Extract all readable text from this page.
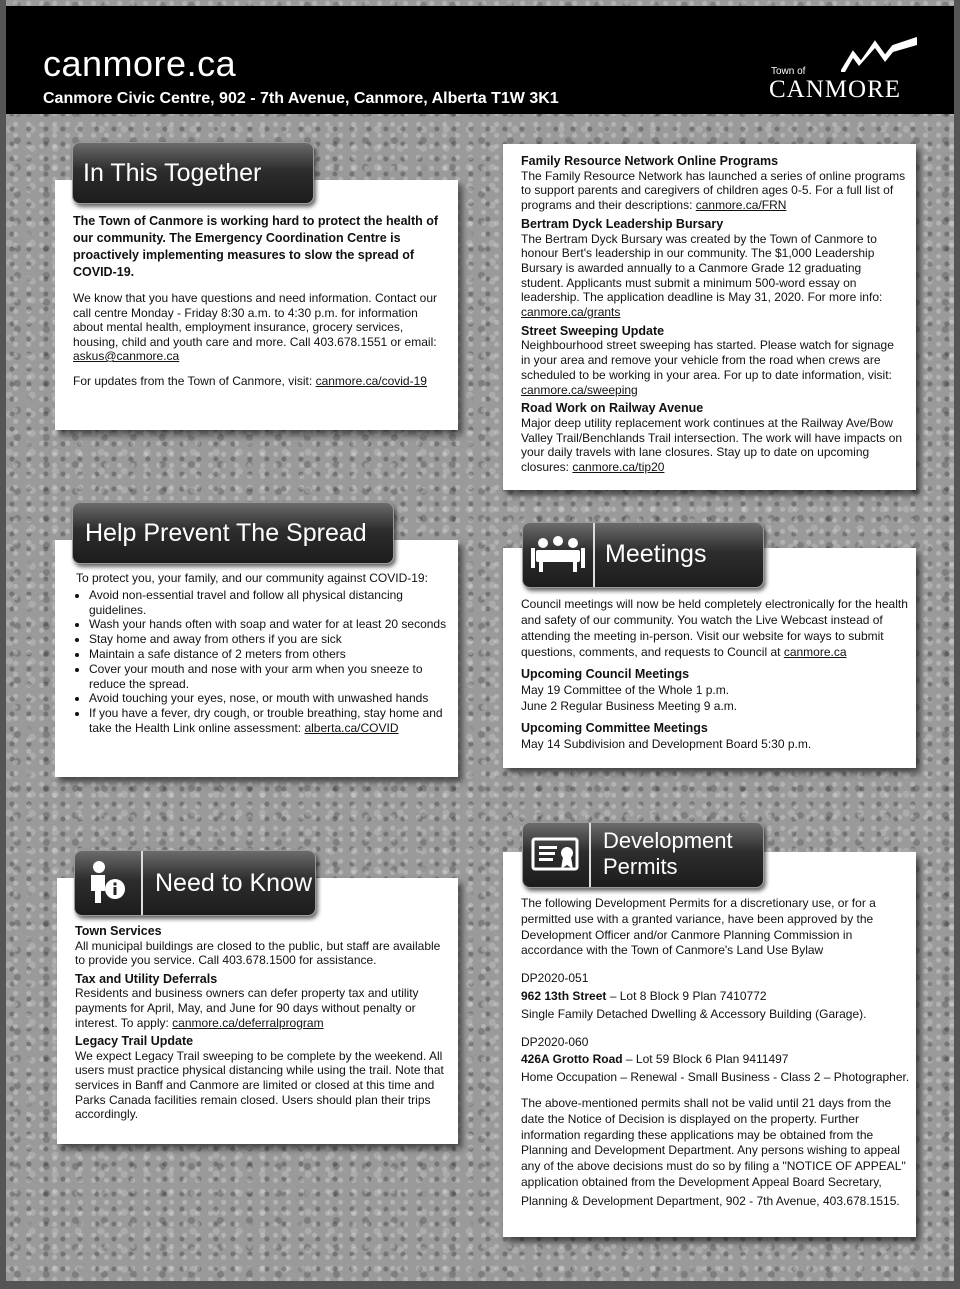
canmore.ca
Canmore Civic Centre, 902 - 7th Avenue, Canmore, Alberta T1W 3K1
Town of
CANMORE

The Town of Canmore is working hard to protect the health of our community. The Emergency Coordination Centre is proactively implementing measures to slow the spread of COVID-19.

We know that you have questions and need information. Contact our call centre Monday - Friday 8:30 a.m. to 4:30 p.m. for information about mental health, employment insurance, grocery services, housing, child and youth care and more. Call 403.678.1551 or email: askus@canmore.ca

For updates from the Town of Canmore, visit: canmore.ca/covid-19

In This Together	Family Resource Network Online Programs

The Family Resource Network has launched a series of online programs to support parents and caregivers of children ages 0-5. For a full list of programs and their descriptions: canmore.ca/FRN

Bertram Dyck Leadership Bursary

The Bertram Dyck Bursary was created by the Town of Canmore to honour Bert's leadership in our community. The $1,000 Leadership Bursary is awarded annually to a Canmore Grade 12 graduating student. Applicants must submit a minimum 500-word essay on leadership. The application deadline is May 31, 2020. For more info: canmore.ca/grants

Street Sweeping Update

Neighbourhood street sweeping has started. Please watch for signage in your area and remove your vehicle from the road when crews are scheduled to be working in your area. For up to date information, visit: canmore.ca/sweeping

Road Work on Railway Avenue

Major deep utility replacement work continues at the Railway Ave/Bow Valley Trail/Benchlands Trail intersection. The work will have impacts on your daily travels with lane closures. Stay up to date on upcoming closures: canmore.ca/tip20

To protect you, your family, and our community against COVID-19:

• Avoid non-essential travel and follow all physical distancing guidelines.
• Wash your hands often with soap and water for at least 20 seconds
• Stay home and away from others if you are sick
• Maintain a safe distance of 2 meters from others
• Cover your mouth and nose with your arm when you sneeze to reduce the spread.
• Avoid touching your eyes, nose, or mouth with unwashed hands
• If you have a fever, dry cough, or trouble breathing, stay home and take the Health Link online assessment: alberta.ca/COVID
Help Prevent The Spread

Council meetings will now be held completely electronically for the health and safety of our community. You watch the Live Webcast instead of attending the meeting in-person. Visit our website for ways to submit questions, comments, and requests to Council at canmore.ca

Upcoming Council Meetings

May 19 Committee of the Whole 1 p.m.

June 2 Regular Business Meeting 9 a.m.

Upcoming Committee Meetings

May 14 Subdivision and Development Board 5:30 p.m.

Meetings
Town Services

All municipal buildings are closed to the public, but staff are available to provide you service. Call 403.678.1500 for assistance.

Tax and Utility Deferrals

Residents and business owners can defer property tax and utility payments for April, May, and June for 90 days without penalty or interest. To apply: canmore.ca/deferralprogram

Legacy Trail Update

We expect Legacy Trail sweeping to be complete by the weekend. All users must practice physical distancing while using the trail. Note that services in Banff and Canmore are limited or closed at this time and Parks Canada facilities remain closed. Users should plan their trips accordingly.

Need to Know

The following Development Permits for a discretionary use, or for a permitted use with a granted variance, have been approved by the Development Officer and/or Canmore Planning Commission in accordance with the Town of Canmore's Land Use Bylaw

DP2020-051

962 13th Street – Lot 8 Block 9 Plan 7410772

Single Family Detached Dwelling & Accessory Building (Garage).

DP2020-060

426A Grotto Road – Lot 59 Block 6 Plan 9411497

Home Occupation – Renewal - Small Business - Class 2 – Photographer.

The above-mentioned permits shall not be valid until 21 days from the date the Notice of Decision is displayed on the property. Further information regarding these applications may be obtained from the Planning and Development Department. Any persons wishing to appeal any of the above decisions must do so by filing a "NOTICE OF APPEAL" application obtained from the Development Appeal Board Secretary,

Planning & Development Department, 902 - 7th Avenue, 403.678.1515.

Development
Permits
